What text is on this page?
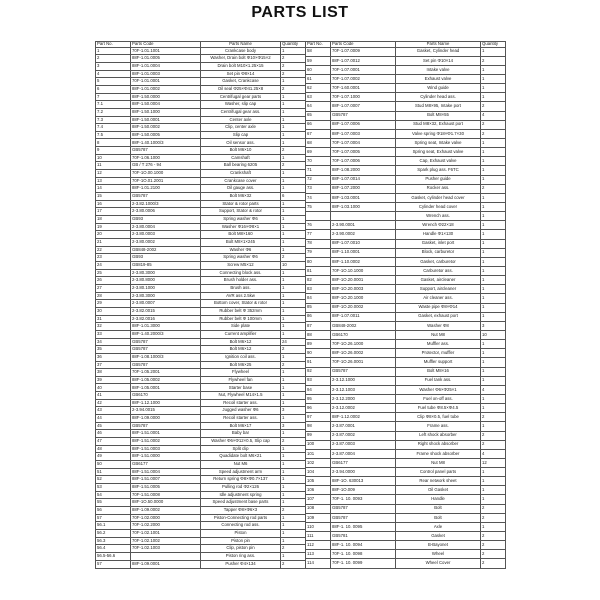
PARTS LIST
Part No.	Parts Code	Parts Name	Quantity
1	70F-1.01.1001	Crankcase body	1
2	88F-1.01.0005	Washer, Drain bolt Φ10×Φ15×2	2
3	88F-1.01.0004	Drain bolt M10×1.25×15	2
4	88F-1.01.0003	Set pin Φ8×14	2
5	70F-1.01.0001	Gasket, Crankcase	1
6	88F-1.01.0002	Oil seal Φ25×Φ41.25×8	2
7	88F-1.50.0000	Centrifugal gear parts	1
7.1	88F-1.50.0004	Washer, slip cap	1
7.2	88F-1.50.1000	Centrifugal gear ass.	1
7.3	88F-1.50.0001	Center axle	1
7.4	88F-1.50.0002	Clip, center axle	1
7.5	88F-1.50.0005	Slip cap	1
8	88F-1.40.1000/3	Oil sensor ass.	1
9	GB5787	Bolt M6×10	2
10	70F-1.06.1000	Camshaft	1
11	GB / T 276 - 94	Ball bearing 6205	2
12	70F-1O.00.1000	Crankshaft	1
13	70F-1O.01.2001	Crankcase cover	1
14	88F-1.01.2100	Oil gauge ass.	1
15	GB5787	Bolt M6×32	6
16	2-3.82.1000/3	Stator & rotor parts	1
17	2-3.80.0006	Support, Stator & rotor	1
18	GB93	Spring washer Φ6	1
19	2-3.80.0004	Washer Φ16×Φ8×1	1
20	2-3.80.0003	Bolt M8×160	1
21	2-3.80.0002	Bolt M8×1×245	1
22	GB848-2002	Washer Φ6	1
23	GB93	Spring washer Φ6	2
24	GB819-85	Screw M5×12	10
25	2-3.80.3000	Connecting block ass.	1
26	2-3.80.8000	Brush holder ass.	1
27	2-3.80.1000	Brush ass.	1
28	2-3.80.3000	AVR ass 2.5kw	1
29	2-3.80.0007	Bottom cover, Stator & rotor	1
30	2-3.82.0015	Rubber belt Φ 352mm	1
31	2-3.82.0016	Rubber belt Φ 100mm	1
32	88F-1.01.3000	Side plate	1
33	88F-1.40.2000/3	Current amplifier	1
34	GB5787	Bolt M6×12	24
35	GB5787	Bolt M6×12	2
36	88F-1.08.1000/3	Ignition coil ass.	1
37	GB5787	Bolt M6×25	2
38	70F-1.05.2001	Flywheel	1
39	88F-1.05.0002	Flywheel fan	1
40	88F-1.05.0001	Starter base	1
41	GB6170	Nut, Flywheel M14×1.5	1
42	88F-1.12.1000	Recoil starter ass.	1
43	2-3.94.0015	Jugged washer Φ6	3
44	88F-1.09.0000	Recoil starter ass.	1
45	GB5787	Bolt M6×17	3
46	88F-1.51.0001	Baby bar	1
47	88F-1.51.0002	Washer Φ6×Φ12×0.5, Slip cap	2
48	88F-1.51.0003	Split clip	1
49	88F-1.51.0000	Quadidate bolt M6×21	1
50	GB6177	Nut M6	1
51	88F-1.51.0004	Speed adjustment arm	1
52	88F-1.51.0007	Return spring Φ8×Φ0.7×137	1
53	88F-1.51.0005	Pulling rod Φ2×126	1
54	70F-1.51.0008	Idle adjustment spring	1
55	88F-1O.50.0000	Speed adjustment base parts	1
56	88F-1.09.0002	Tapper Φ8×Φ6×3	2
57	70F-1.02.0000	Piston-Connecting rod parts	1
56.1	70F-1.02.2000	Connecting rod ass.	1
56.2	70F-1.02.1001	Piston	1
56.3	70F-1.02.1002	Piston pin	1
56.4	70F-1.02.1003	Clip, piston pin	2
56.5-56.6		Piston ring ass.	1
57	88F-1.09.0001	Pusher Φ4×134	2
Part No.	Parts Code	Parts Name	Quantity
58	70F-1.07.0009	Gasket, Cylinder head	1
59	88F-1.07.0012	Set pin Φ10×14	2
60	70F-1.07.0001	Intake valve	1
61	70F-1.07.0002	Exhaust valve	1
62	70F-1.60.0001	Wind guide	1
63	70F-1.07.1000	Cylinder head ass.	1
64	88F-1.07.0007	Stud M8×95, Intake port	2
65	GB5787	Bolt M8×55	4
66	88F-1.07.0006	Stud M8×32, Exhaust port	2
67	88F-1.07.0003	Valve spring Φ18×Φ1.7×30	2
68	70F-1.07.0004	Spring seat, Intake valve	1
69	70F-1.07.0005	Spring seat, Exhaust valve	1
70	70F-1.07.0006	Cap, Exhaust valve	1
71	88F-1.08.2000	Spark plug ass. F6TC	1
72	88F-1.07.0014	Pusher guide	1
73	88F-1.07.2000	Rocker ass.	2
74	88F-1.03.0001	Gasket, cylinder head cover	1
75	88F-1.03.1000	Cylinder head cover	1
		Wrench ass.	1
76	2-3.90.0001	Wrench Φ22×18	1
77	2-3.90.0002	Handle Φ1×130	1
78	88F-1.07.0010	Gasket, inlet port	1
79	88F-1.10.0001	Block, carburetor	1
80	88F-1.10.0002	Gasket, carburetor	1
81	70F-1O.10.1000	Carburetor ass.	1
82	88F-1O.20.0001	Gasket, aircleaner	1
83	88F-1O.20.0003	Support, aircleaner	1
84	88F-1O.20.1000	Air cleaner ass.	1
85	88F-1O.20.0002	Waste pipe Φ8×Φ14	1
86	88F-1.07.0011	Gasket, exhaust port	1
87	GB848-2002	Washer Φ8	3
88	GB6170	Nut M8	10
89	70F-1O.26.1000	Muffler ass.	1
90	88F-1O.26.0002	Protector, muffler	1
91	70F-1O.26.0001	Muffler support	1
92	GB5787	Bolt M8×16	1
93	2-3.12.1000	Fuel tank ass.	1
94	2-3.12.1003	Washer Φ6×Φ25×1	4
95	2-3.12.2000	Fuel on-off ass.	1
96	2-3.12.0002	Fuel tube Φ8.5×Φ4.5	1
97	88F-1.12.0002	Clip Φ8×0.5, fuel tube	2
98	2-3.87.0001	Frame ass.	1
99	2-3.87.0002	Left shock absorber	2
100	2-3.87.0003	Right shock absorber	2
101	2-3.87.0004	Frame shock absorber	4
102	GB6177	Nut M8	12
104	2-3.94.0000	Control panel parts	1
105	88F-1O. 630013	Rear network sheet	1
106	88F-1O.009	Oil Gasket	1
107	70F-1. 10. 0093	Handle	1
108	GB5787	Bolt	2
109	GB5787	Bolt	2
110	88F-1. 10. 0095	Axle	1
111	GB5781	Gasket	2
112	88F-1. 10. 0094	B-Bayonet	2
113	70F-1. 10. 0098	Wheel	2
114	70F-1. 10. 0099	Wheel Cover	2
